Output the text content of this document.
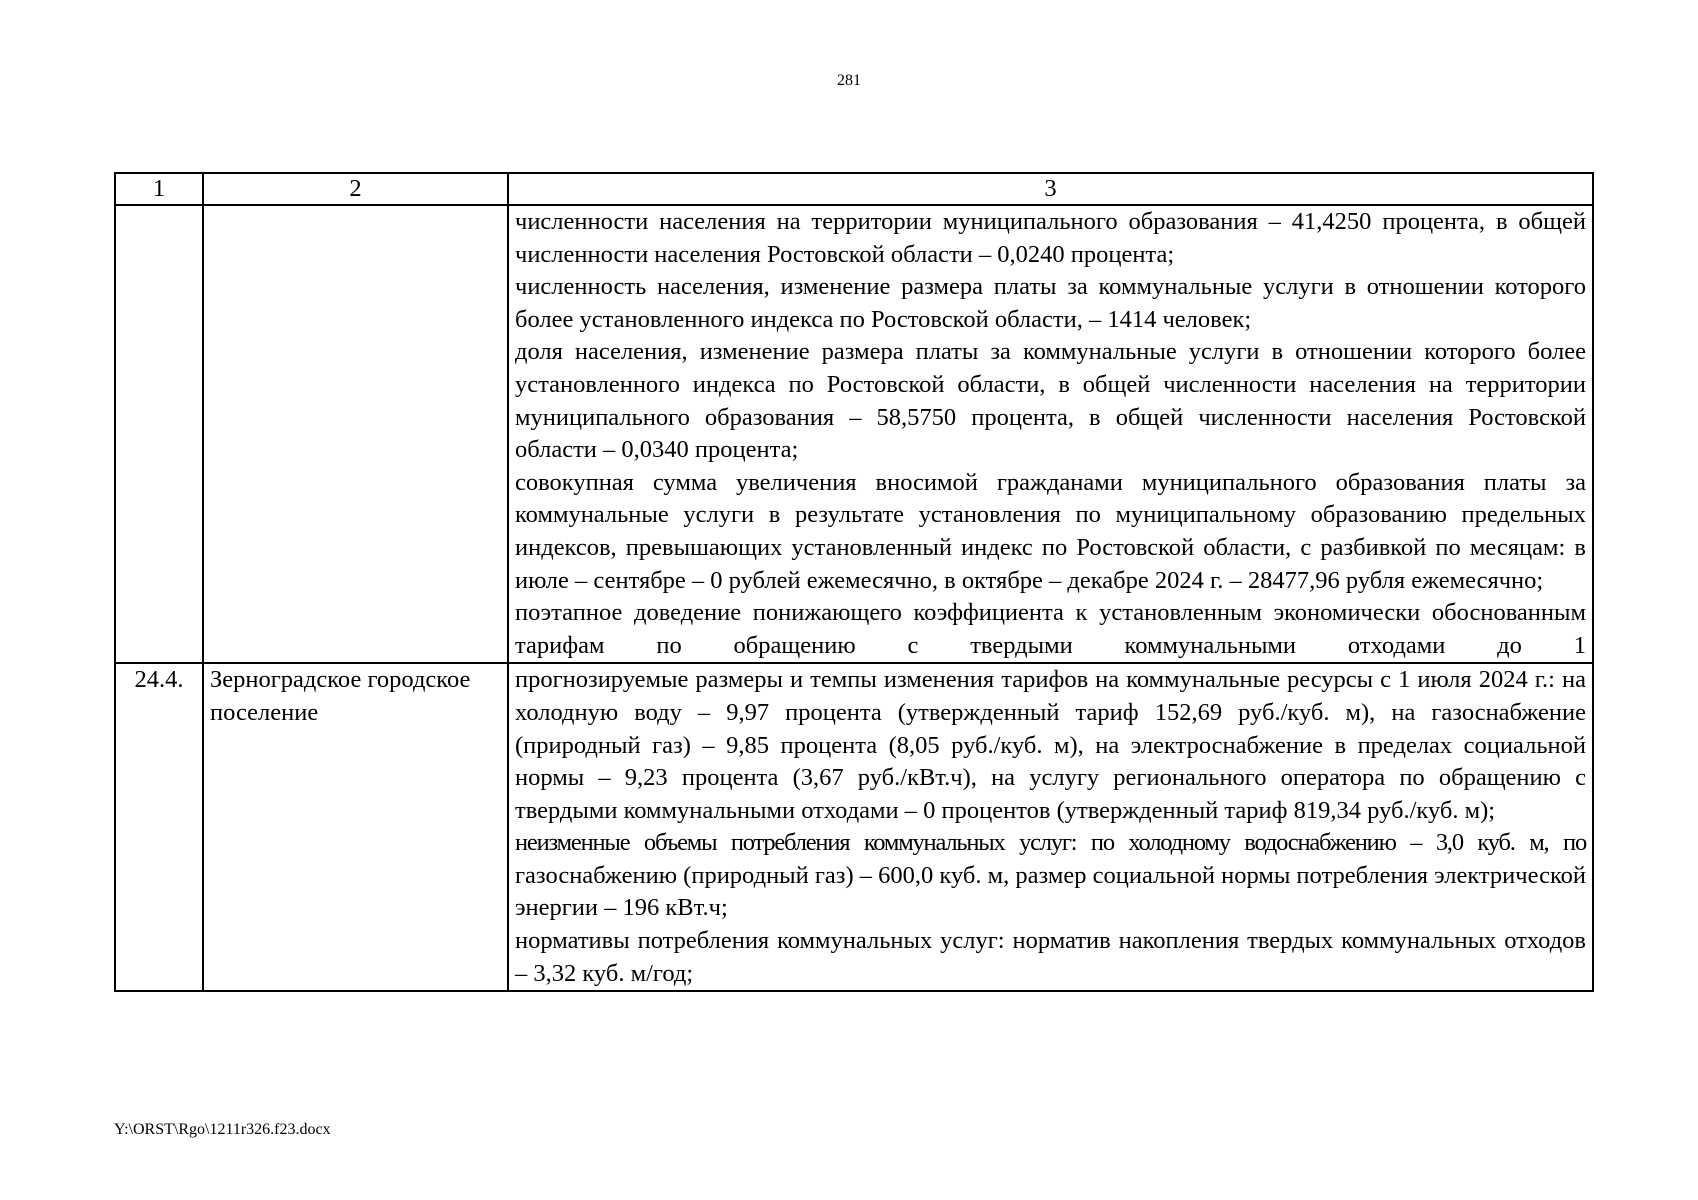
281
1	2	3

		численности населения на территории муниципального образования – 41,4250 процента, в общей численности населения Ростовской области – 0,0240 процента;
численность населения, изменение размера платы за коммунальные услуги в отношении которого более установленного индекса по Ростовской области, – 1414 человек;
доля населения, изменение размера платы за коммунальные услуги в отношении которого более установленного индекса по Ростовской области, в общей численности населения на территории муниципального образования – 58,5750 процента, в общей численности населения Ростовской области – 0,0340 процента;
совокупная сумма увеличения вносимой гражданами муниципального образования платы за коммунальные услуги в результате установления по муниципальному образованию предельных индексов, превышающих установленный индекс по Ростовской области, с разбивкой по месяцам: в июле – сентябре – 0 рублей ежемесячно, в октябре – декабре 2024 г. – 28477,96 рубля ежемесячно;
поэтапное доведение понижающего коэффициента к установленным экономически обоснованным тарифам по обращению с твердыми коммунальными отходами до 1

24.4.	Зерноградское городское поселение	прогнозируемые размеры и темпы изменения тарифов на коммунальные ресурсы с 1 июля 2024 г.: на холодную воду – 9,97 процента (утвержденный тариф 152,69 руб./куб. м), на газоснабжение (природный газ) – 9,85 процента (8,05 руб./куб. м), на электроснабжение в пределах социальной нормы – 9,23 процента (3,67 руб./кВт.ч), на услугу регионального оператора по обращению с твердыми коммунальными отходами – 0 процентов (утвержденный тариф 819,34 руб./куб. м);
неизменные объемы потребления коммунальных услуг: по холодному водоснабжению – 3,0 куб. м, по
газоснабжению (природный газ) – 600,0 куб. м, размер социальной нормы потребления электрической энергии – 196 кВт.ч;
нормативы потребления коммунальных услуг: норматив накопления твердых коммунальных отходов – 3,32 куб. м/год;
Y:\ORST\Rgo\1211r326.f23.docx
